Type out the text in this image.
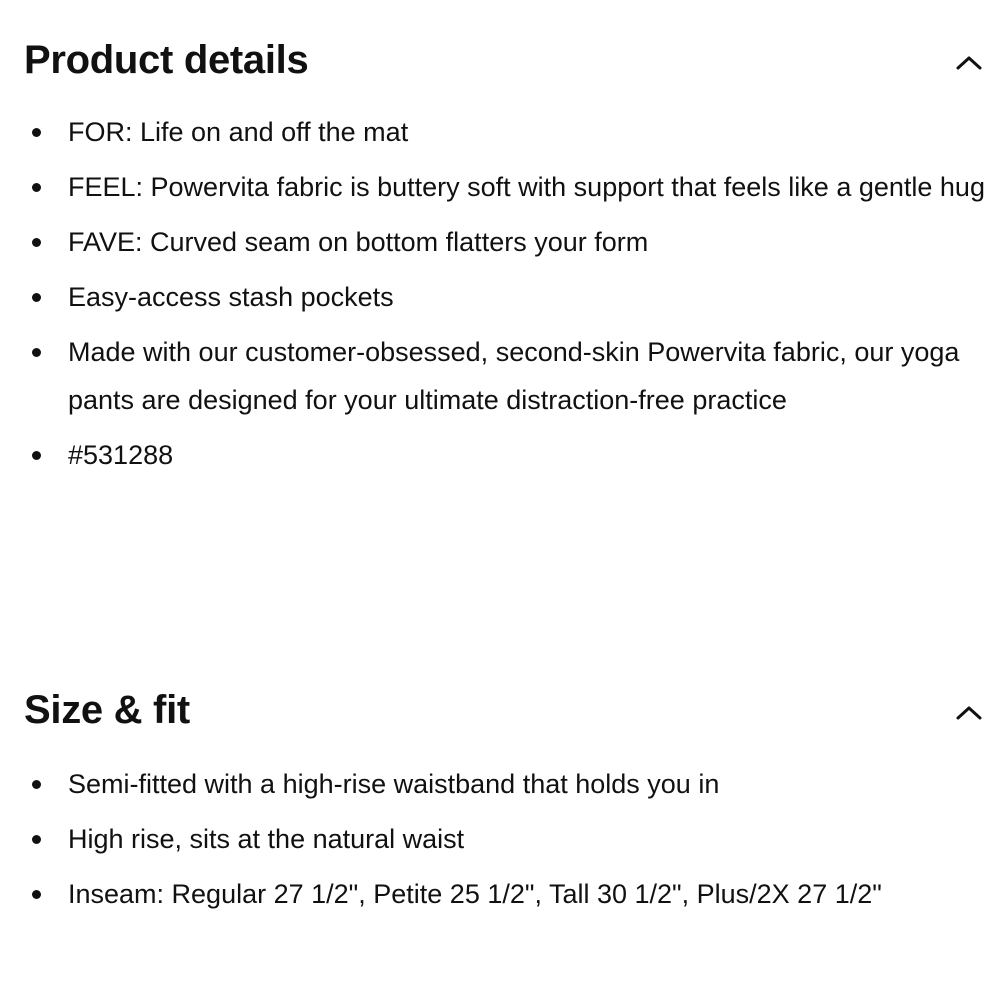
Product details
FOR: Life on and off the mat
FEEL: Powervita fabric is buttery soft with support that feels like a gentle hug
FAVE: Curved seam on bottom flatters your form
Easy-access stash pockets
Made with our customer-obsessed, second-skin Powervita fabric, our yoga pants are designed for your ultimate distraction-free practice
#531288
Size & fit
Semi-fitted with a high-rise waistband that holds you in
High rise, sits at the natural waist
Inseam: Regular 27 1/2", Petite 25 1/2", Tall 30 1/2", Plus/2X 27 1/2"
